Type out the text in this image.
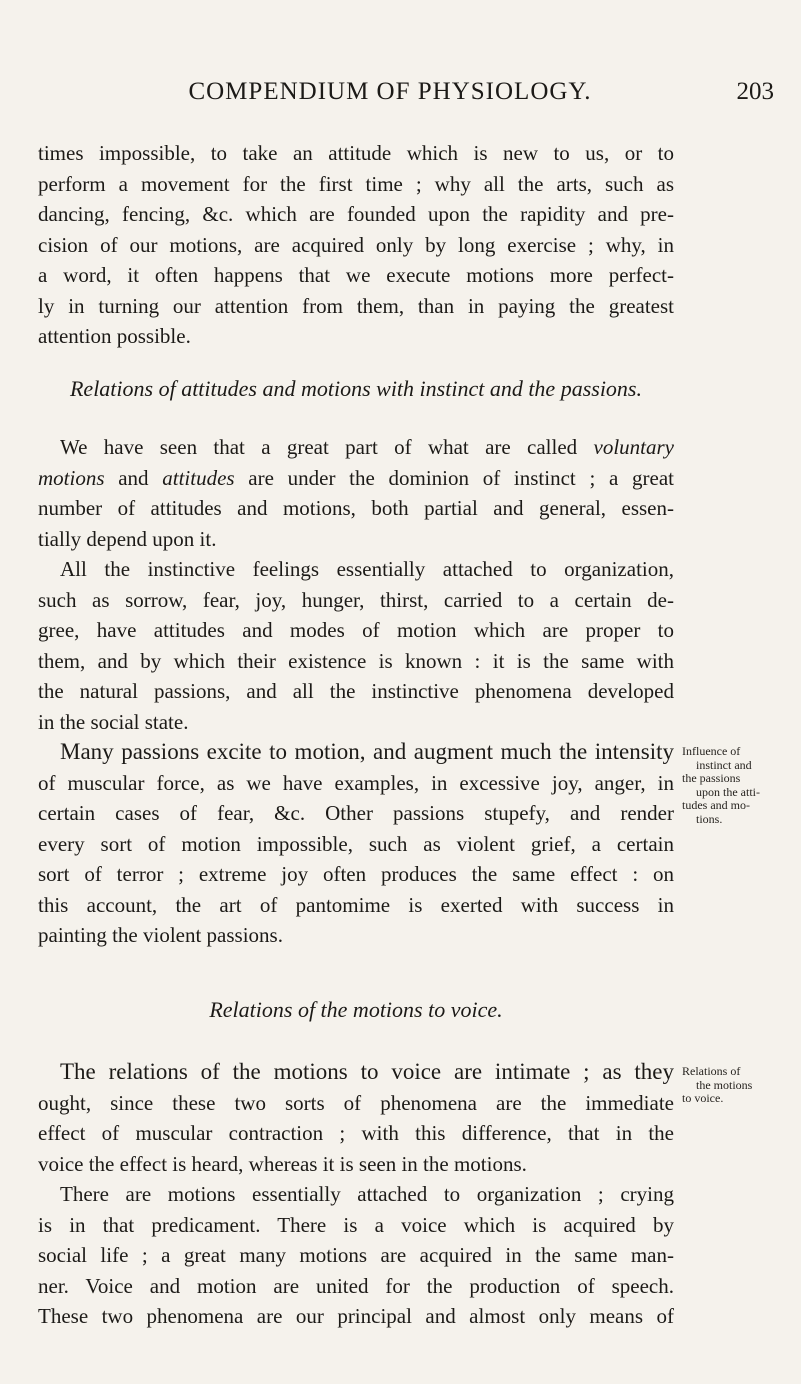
COMPENDIUM OF PHYSIOLOGY.	203
times impossible, to take an attitude which is new to us, or to
perform a movement for the first time ; why all the arts, such as
dancing, fencing, &c. which are founded upon the rapidity and pre-
cision of our motions, are acquired only by long exercise ; why, in
a word, it often happens that we execute motions more perfect-
ly in turning our attention from them, than in paying the greatest
attention possible.
Relations of attitudes and motions with instinct and the passions.
We have seen that a great part of what are called voluntary
motions and attitudes are under the dominion of instinct ; a great
number of attitudes and motions, both partial and general, essen-
tially depend upon it.
All the instinctive feelings essentially attached to organization,
such as sorrow, fear, joy, hunger, thirst, carried to a certain de-
gree, have attitudes and modes of motion which are proper to
them, and by which their existence is known : it is the same with
the natural passions, and all the instinctive phenomena developed
in the social state.
Many passions excite to motion, and augment much the intensity
of muscular force, as we have examples, in excessive joy, anger, in
certain cases of fear, &c. Other passions stupefy, and render
every sort of motion impossible, such as violent grief, a certain
sort of terror ; extreme joy often produces the same effect : on
this account, the art of pantomime is exerted with success in
painting the violent passions.
Influence of
instinct and
the passions
upon the atti-
tudes and mo-
tions.
Relations of the motions to voice.
The relations of the motions to voice are intimate ; as they
ought, since these two sorts of phenomena are the immediate
effect of muscular contraction ; with this difference, that in the
voice the effect is heard, whereas it is seen in the motions.
There are motions essentially attached to organization ; crying
is in that predicament. There is a voice which is acquired by
social life ; a great many motions are acquired in the same man-
ner. Voice and motion are united for the production of speech.
These two phenomena are our principal and almost only means of
Relations of
the motions
to voice.
